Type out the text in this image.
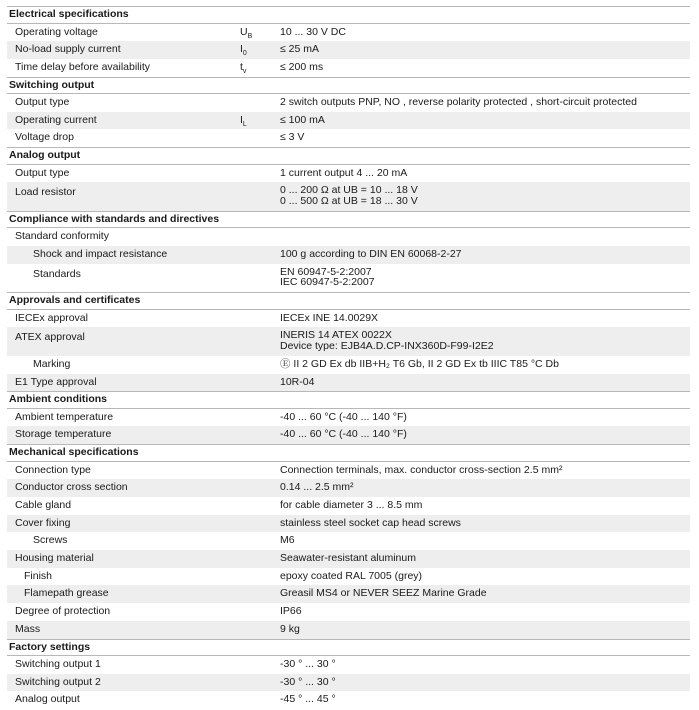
Electrical specifications
Operating voltage	$U_B$	10 ... 30 V DC
No-load supply current	$I_0$	≤ 25 mA
Time delay before availability	$t_v$	≤ 200 ms
Switching output
Output type	2 switch outputs PNP, NO , reverse polarity protected , short-circuit protected
Operating current	$I_L$	≤ 100 mA
Voltage drop	≤ 3 V
Analog output
Output type	1 current output 4 ... 20 mA
Load resistor	0 ... 200 Ω at UB = 10 ... 18 V
0 ... 500 Ω at UB = 18 ... 30 V
Compliance with standards and directives
Standard conformity
Shock and impact resistance	100 g according to DIN EN 60068-2-27
Standards	EN 60947-5-2:2007
IEC 60947-5-2:2007
Approvals and certificates
IECEx approval	IECEx INE 14.0029X
ATEX approval	INERIS 14 ATEX 0022X
Device type: EJB4A.D.CP-INX360D-F99-I2E2
Marking	Ⓔ II 2 GD Ex db IIB+H₂ T6 Gb, II 2 GD Ex tb IIIC T85 °C Db
E1 Type approval	10R-04
Ambient conditions
Ambient temperature	-40 ... 60 °C (-40 ... 140 °F)
Storage temperature	-40 ... 60 °C (-40 ... 140 °F)
Mechanical specifications
Connection type	Connection terminals, max. conductor cross-section 2.5 mm²
Conductor cross section	0.14 ... 2.5 mm²
Cable gland	for cable diameter 3 ... 8.5 mm
Cover fixing	stainless steel socket cap head screws
Screws	M6
Housing material	Seawater-resistant aluminum
Finish	epoxy coated RAL 7005 (grey)
Flamepath grease	Greasil MS4 or NEVER SEEZ Marine Grade
Degree of protection	IP66
Mass	9 kg
Factory settings
Switching output 1	-30 ° ... 30 °
Switching output 2	-30 ° ... 30 °
Analog output	-45 ° ... 45 °
